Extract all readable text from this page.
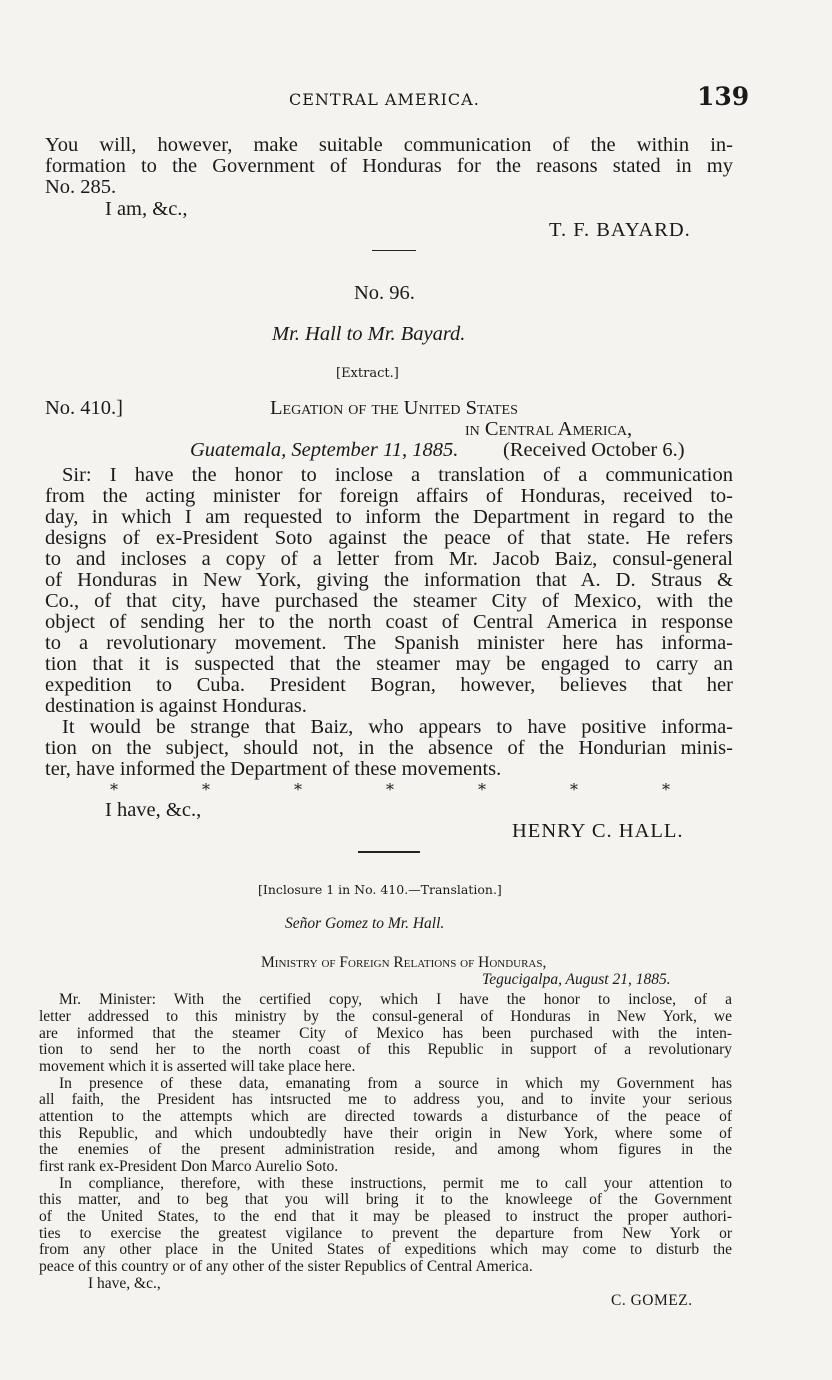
CENTRAL AMERICA.	139
You will, however, make suitable communication of the within in-
formation to the Government of Honduras for the reasons stated in my
No. 285.
I am, &c.,
T. F. BAYARD.
No. 96.
Mr. Hall to Mr. Bayard.
[Extract.]
No. 410.]	Legation of the United States
in Central America,
Guatemala, September 11, 1885. (Received October 6.)
Sir: I have the honor to inclose a translation of a communication
from the acting minister for foreign affairs of Honduras, received to-
day, in which I am requested to inform the Department in regard to the
designs of ex-President Soto against the peace of that state. He refers
to and incloses a copy of a letter from Mr. Jacob Baiz, consul-general
of Honduras in New York, giving the information that A. D. Straus &
Co., of that city, have purchased the steamer City of Mexico, with the
object of sending her to the north coast of Central America in response
to a revolutionary movement. The Spanish minister here has informa-
tion that it is suspected that the steamer may be engaged to carry an
expedition to Cuba. President Bogran, however, believes that her
destination is against Honduras.
It would be strange that Baiz, who appears to have positive informa-
tion on the subject, should not, in the absence of the Hondurian minis-
ter, have informed the Department of these movements.
*	*	*	*	*	*	*
I have, &c.,
HENRY C. HALL.
[Inclosure 1 in No. 410.—Translation.]
Señor Gomez to Mr. Hall.
Ministry of Foreign Relations of Honduras,
Tegucigalpa, August 21, 1885.
Mr. Minister: With the certified copy, which I have the honor to inclose, of a
letter addressed to this ministry by the consul-general of Honduras in New York, we
are informed that the steamer City of Mexico has been purchased with the inten-
tion to send her to the north coast of this Republic in support of a revolutionary
movement which it is asserted will take place here.
In presence of these data, emanating from a source in which my Government has
all faith, the President has intsructed me to address you, and to invite your serious
attention to the attempts which are directed towards a disturbance of the peace of
this Republic, and which undoubtedly have their origin in New York, where some of
the enemies of the present administration reside, and among whom figures in the
first rank ex-President Don Marco Aurelio Soto.
In compliance, therefore, with these instructions, permit me to call your attention to
this matter, and to beg that you will bring it to the knowleege of the Government
of the United States, to the end that it may be pleased to instruct the proper authori-
ties to exercise the greatest vigilance to prevent the departure from New York or
from any other place in the United States of expeditions which may come to disturb the
peace of this country or of any other of the sister Republics of Central America.
I have, &c.,
C. GOMEZ.
